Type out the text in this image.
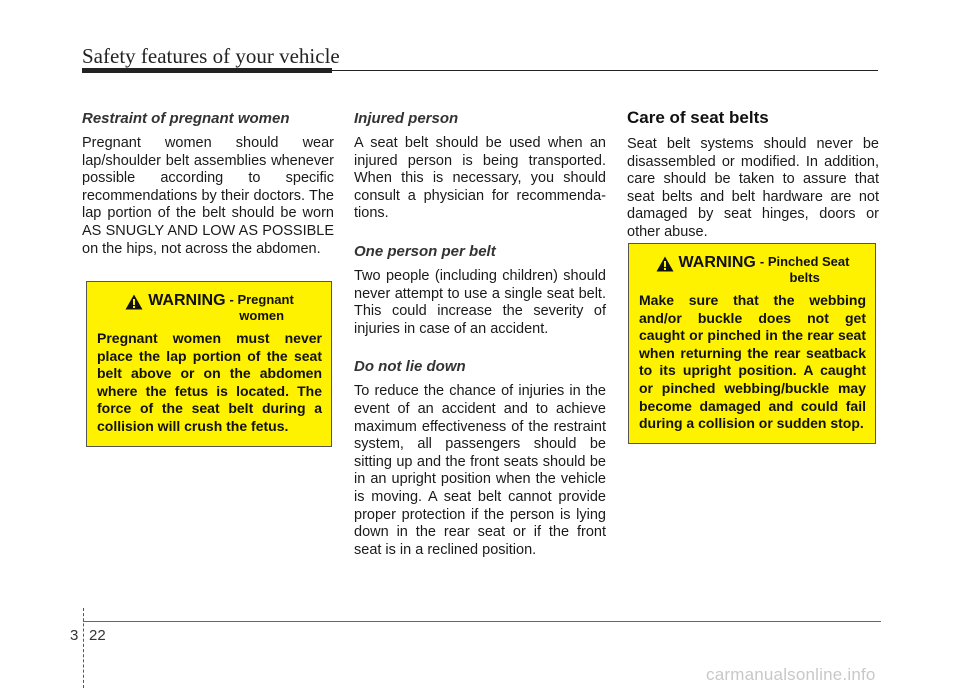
Safety features of your vehicle

Restraint of pregnant women

Pregnant women should wear lap/shoulder belt assemblies whenever possible according to specific recommendations by their doctors. The lap portion of the belt should be worn AS SNUGLY AND LOW AS POSSIBLE on the hips, not across the abdomen.

WARNING - Pregnant
women

Pregnant women must never place the lap portion of the seat belt above or on the abdomen where the fetus is located. The force of the seat belt during a collision will crush the fetus.

Injured person

A seat belt should be used when an injured person is being transported. When this is necessary, you should consult a physician for recommendations.

One person per belt

Two people (including children) should never attempt to use a single seat belt. This could increase the severity of injuries in case of an accident.

Do not lie down

To reduce the chance of injuries in the event of an accident and to achieve maximum effectiveness of the restraint system, all passengers should be sitting up and the front seats should be in an upright position when the vehicle is moving. A seat belt cannot provide proper protection if the person is lying down in the rear seat or if the front seat is in a reclined position.

Care of seat belts

Seat belt systems should never be disassembled or modified. In addition, care should be taken to assure that seat belts and belt hardware are not damaged by seat hinges, doors or other abuse.

WARNING - Pinched Seat
belts

Make sure that the webbing and/or buckle does not get caught or pinched in the rear seat when returning the rear seatback to its upright position. A caught or pinched webbing/buckle may become damaged and could fail during a collision or sudden stop.

3 22
carmanualsonline.info
